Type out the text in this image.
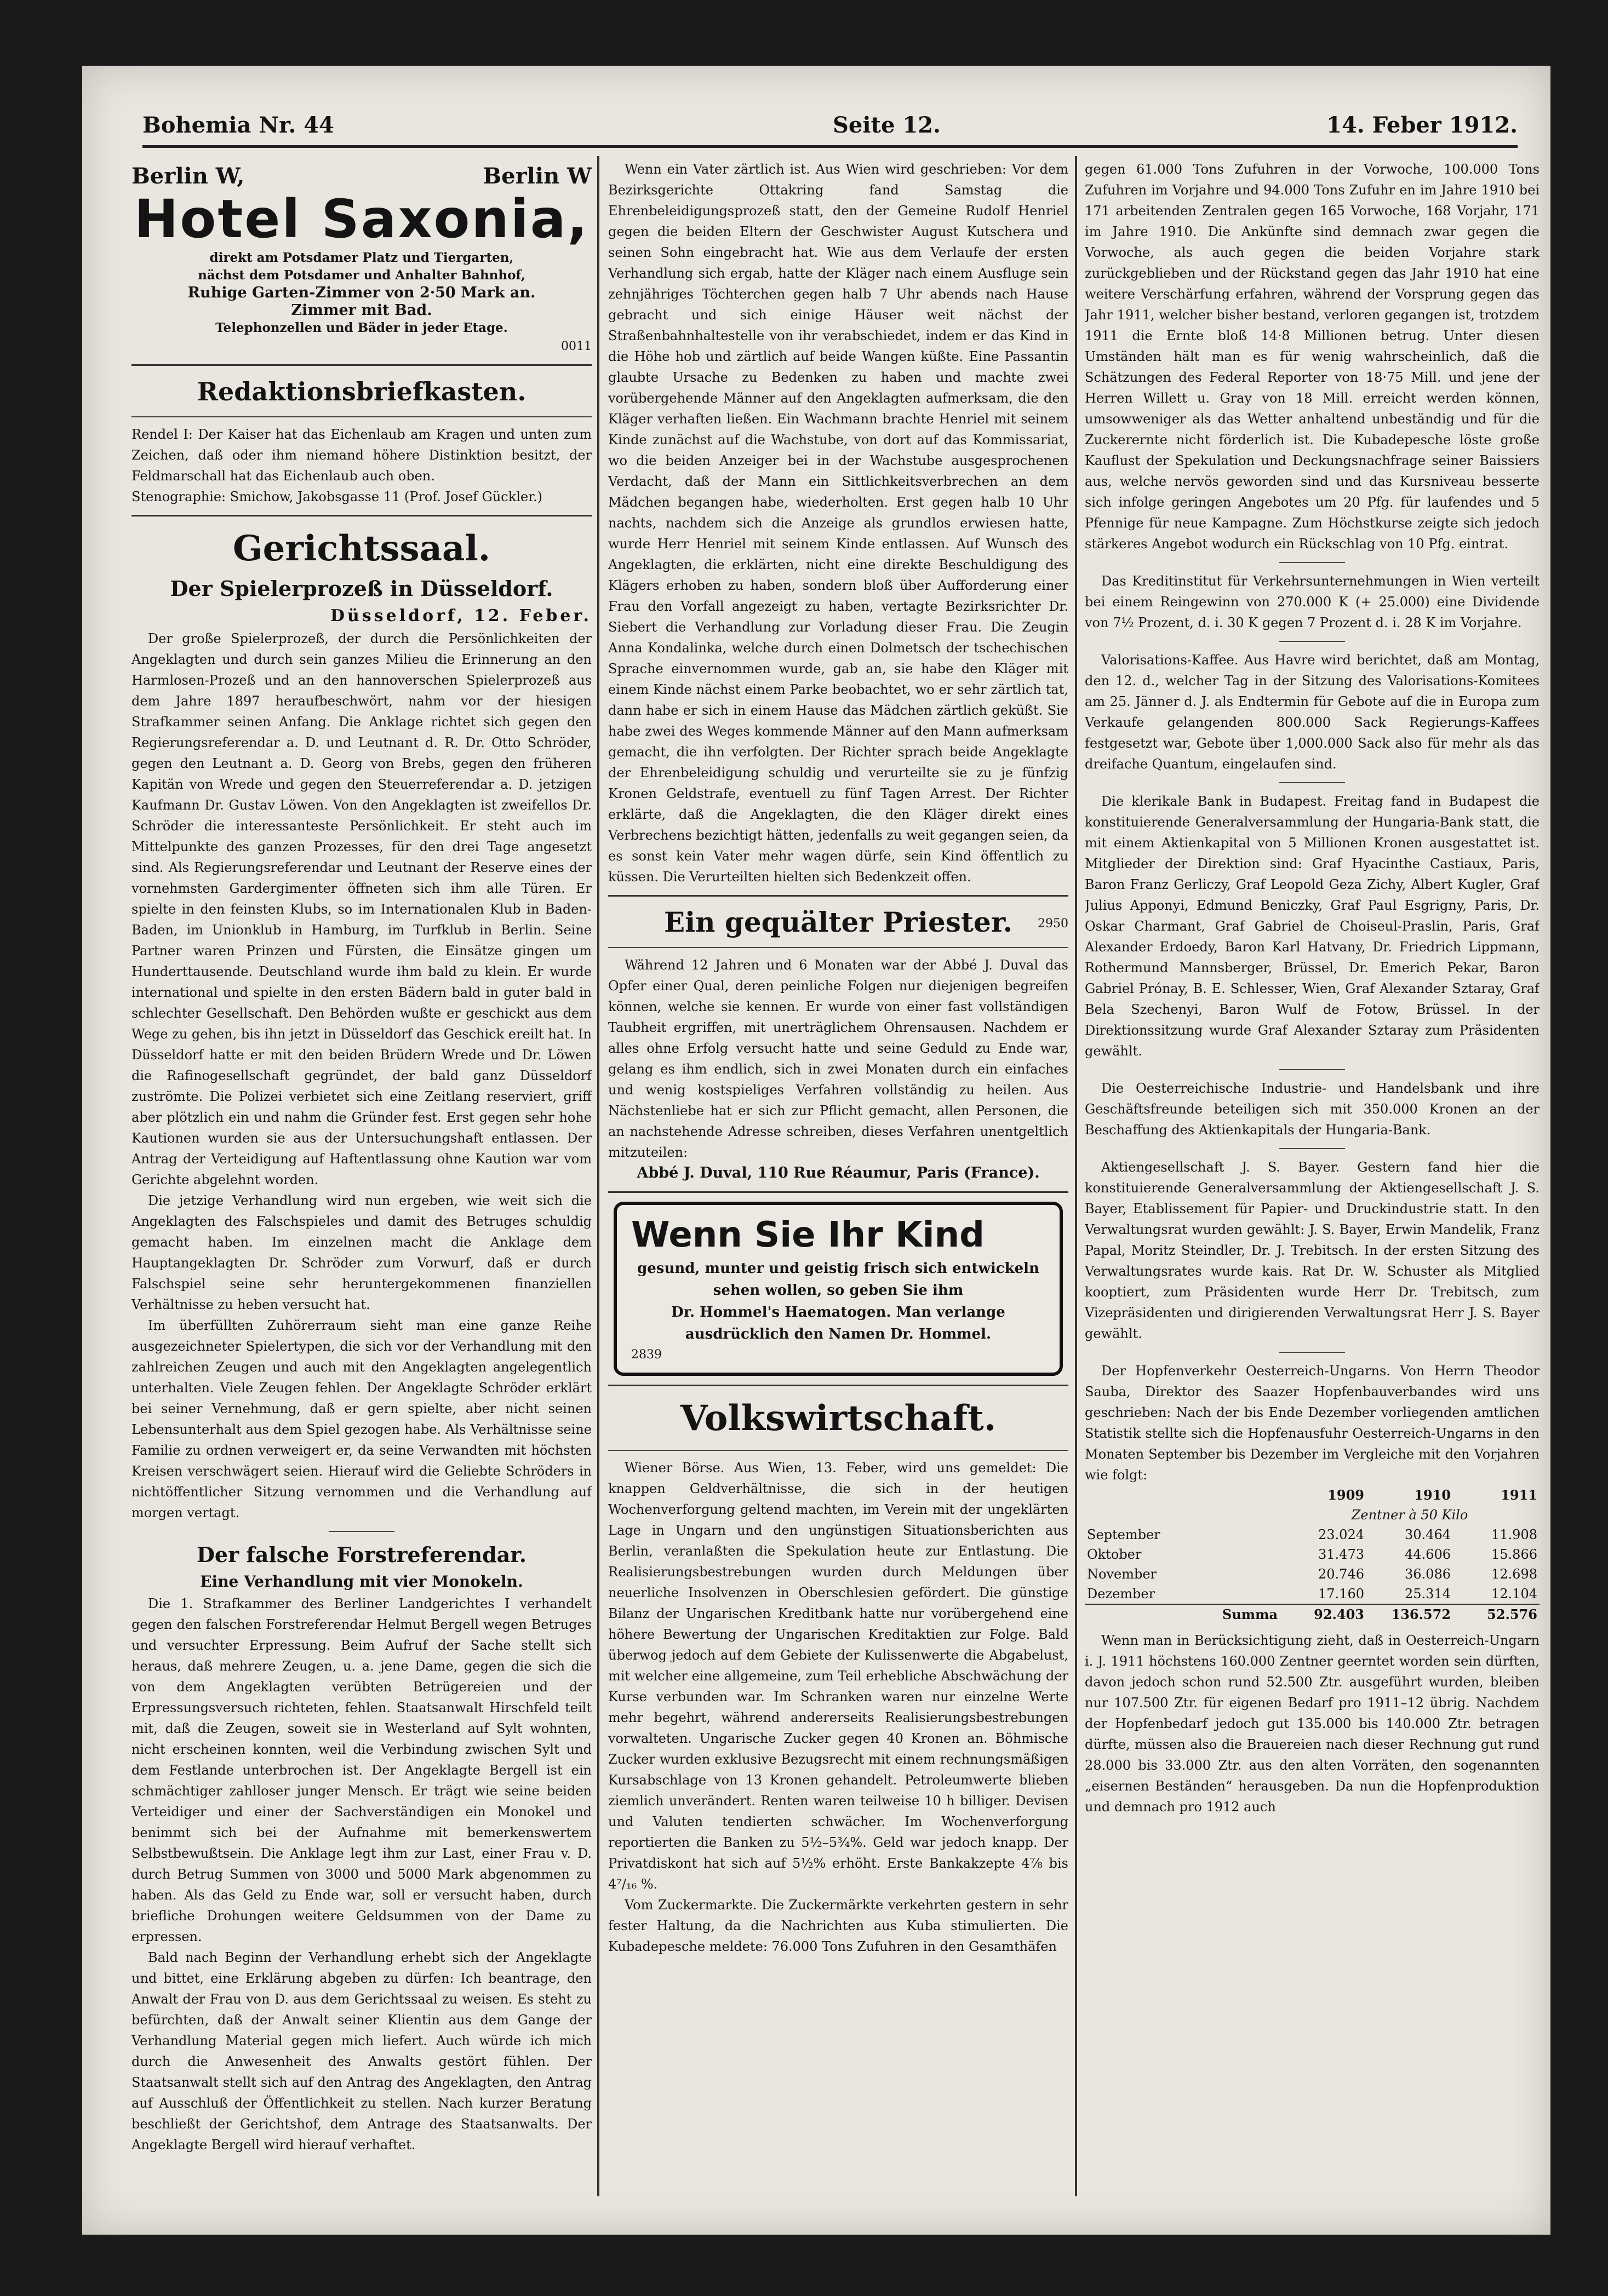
Bohemia Nr. 44	Seite 12.	14. Feber 1912.
Berlin W,	Berlin W
Hotel Saxonia,
direkt am Potsdamer Platz und Tiergarten,
nächst dem Potsdamer und Anhalter Bahnhof,
Ruhige Garten-Zimmer von 2·50 Mark an.
Zimmer mit Bad.
Telephonzellen und Bäder in jeder Etage.
0011
Redaktionsbriefkasten.

Rendel I: Der Kaiser hat das Eichenlaub am Kragen und unten zum Zeichen, daß oder ihm niemand höhere Distinktion besitzt, der Feldmarschall hat das Eichenlaub auch oben.

Stenographie: Smichow, Jakobsgasse 11 (Prof. Josef Gückler.)

Gerichtssaal.
Der Spielerprozeß in Düsseldorf.
Düsseldorf, 12. Feber.

Der große Spielerprozeß, der durch die Persönlichkeiten der Angeklagten und durch sein ganzes Milieu die Erinnerung an den Harmlosen-Prozeß und an den hannoverschen Spielerprozeß aus dem Jahre 1897 heraufbeschwört, nahm vor der hiesigen Strafkammer seinen Anfang. Die Anklage richtet sich gegen den Regierungsreferendar a. D. und Leutnant d. R. Dr. Otto Schröder, gegen den Leutnant a. D. Georg von Brebs, gegen den früheren Kapitän von Wrede und gegen den Steuerreferendar a. D. jetzigen Kaufmann Dr. Gustav Löwen. Von den Angeklagten ist zweifellos Dr. Schröder die interessanteste Persönlichkeit. Er steht auch im Mittelpunkte des ganzen Prozesses, für den drei Tage angesetzt sind. Als Regierungsreferendar und Leutnant der Reserve eines der vornehmsten Gardergimenter öffneten sich ihm alle Türen. Er spielte in den feinsten Klubs, so im Internationalen Klub in Baden-Baden, im Unionklub in Hamburg, im Turfklub in Berlin. Seine Partner waren Prinzen und Fürsten, die Einsätze gingen um Hunderttausende. Deutschland wurde ihm bald zu klein. Er wurde international und spielte in den ersten Bädern bald in guter bald in schlechter Gesellschaft. Den Behörden wußte er geschickt aus dem Wege zu gehen, bis ihn jetzt in Düsseldorf das Geschick ereilt hat. In Düsseldorf hatte er mit den beiden Brüdern Wrede und Dr. Löwen die Rafinogesellschaft gegründet, der bald ganz Düsseldorf zuströmte. Die Polizei verbietet sich eine Zeitlang reserviert, griff aber plötzlich ein und nahm die Gründer fest. Erst gegen sehr hohe Kautionen wurden sie aus der Untersuchungshaft entlassen. Der Antrag der Verteidigung auf Haftentlassung ohne Kaution war vom Gerichte abgelehnt worden.

Die jetzige Verhandlung wird nun ergeben, wie weit sich die Angeklagten des Falschspieles und damit des Betruges schuldig gemacht haben. Im einzelnen macht die Anklage dem Hauptangeklagten Dr. Schröder zum Vorwurf, daß er durch Falschspiel seine sehr heruntergekommenen finanziellen Verhältnisse zu heben versucht hat.

Im überfüllten Zuhörerraum sieht man eine ganze Reihe ausgezeichneter Spielertypen, die sich vor der Verhandlung mit den zahlreichen Zeugen und auch mit den Angeklagten angelegentlich unterhalten. Viele Zeugen fehlen. Der Angeklagte Schröder erklärt bei seiner Vernehmung, daß er gern spielte, aber nicht seinen Lebensunterhalt aus dem Spiel gezogen habe. Als Verhältnisse seine Familie zu ordnen verweigert er, da seine Verwandten mit höchsten Kreisen verschwägert seien. Hierauf wird die Geliebte Schröders in nichtöffentlicher Sitzung vernommen und die Verhandlung auf morgen vertagt.

Der falsche Forstreferendar.
Eine Verhandlung mit vier Monokeln.

Die 1. Strafkammer des Berliner Landgerichtes I verhandelt gegen den falschen Forstreferendar Helmut Bergell wegen Betruges und versuchter Erpressung. Beim Aufruf der Sache stellt sich heraus, daß mehrere Zeugen, u. a. jene Dame, gegen die sich die von dem Angeklagten verübten Betrügereien und der Erpressungsversuch richteten, fehlen. Staatsanwalt Hirschfeld teilt mit, daß die Zeugen, soweit sie in Westerland auf Sylt wohnten, nicht erscheinen konnten, weil die Verbindung zwischen Sylt und dem Festlande unterbrochen ist. Der Angeklagte Bergell ist ein schmächtiger zahlloser junger Mensch. Er trägt wie seine beiden Verteidiger und einer der Sachverständigen ein Monokel und benimmt sich bei der Aufnahme mit bemerkenswertem Selbstbewußtsein. Die Anklage legt ihm zur Last, einer Frau v. D. durch Betrug Summen von 3000 und 5000 Mark abgenommen zu haben. Als das Geld zu Ende war, soll er versucht haben, durch briefliche Drohungen weitere Geldsummen von der Dame zu erpressen.

Bald nach Beginn der Verhandlung erhebt sich der Angeklagte und bittet, eine Erklärung abgeben zu dürfen: Ich beantrage, den Anwalt der Frau von D. aus dem Gerichtssaal zu weisen. Es steht zu befürchten, daß der Anwalt seiner Klientin aus dem Gange der Verhandlung Material gegen mich liefert. Auch würde ich mich durch die Anwesenheit des Anwalts gestört fühlen. Der Staatsanwalt stellt sich auf den Antrag des Angeklagten, den Antrag auf Ausschluß der Öffentlichkeit zu stellen. Nach kurzer Beratung beschließt der Gerichtshof, dem Antrage des Staatsanwalts. Der Angeklagte Bergell wird hierauf verhaftet.

Wenn ein Vater zärtlich ist. Aus Wien wird geschrieben: Vor dem Bezirksgerichte Ottakring fand Samstag die Ehrenbeleidigungsprozeß statt, den der Gemeine Rudolf Henriel gegen die beiden Eltern der Geschwister August Kutschera und seinen Sohn eingebracht hat. Wie aus dem Verlaufe der ersten Verhandlung sich ergab, hatte der Kläger nach einem Ausfluge sein zehnjähriges Töchterchen gegen halb 7 Uhr abends nach Hause gebracht und sich einige Häuser weit nächst der Straßenbahnhaltestelle von ihr verabschiedet, indem er das Kind in die Höhe hob und zärtlich auf beide Wangen küßte. Eine Passantin glaubte Ursache zu Bedenken zu haben und machte zwei vorübergehende Männer auf den Angeklagten aufmerksam, die den Kläger verhaften ließen. Ein Wachmann brachte Henriel mit seinem Kinde zunächst auf die Wachstube, von dort auf das Kommissariat, wo die beiden Anzeiger bei in der Wachstube ausgesprochenen Verdacht, daß der Mann ein Sittlichkeitsverbrechen an dem Mädchen begangen habe, wiederholten. Erst gegen halb 10 Uhr nachts, nachdem sich die Anzeige als grundlos erwiesen hatte, wurde Herr Henriel mit seinem Kinde entlassen. Auf Wunsch des Angeklagten, die erklärten, nicht eine direkte Beschuldigung des Klägers erhoben zu haben, sondern bloß über Aufforderung einer Frau den Vorfall angezeigt zu haben, vertagte Bezirksrichter Dr. Siebert die Verhandlung zur Vorladung dieser Frau. Die Zeugin Anna Kondalinka, welche durch einen Dolmetsch der tschechischen Sprache einvernommen wurde, gab an, sie habe den Kläger mit einem Kinde nächst einem Parke beobachtet, wo er sehr zärtlich tat, dann habe er sich in einem Hause das Mädchen zärtlich geküßt. Sie habe zwei des Weges kommende Männer auf den Mann aufmerksam gemacht, die ihn verfolgten. Der Richter sprach beide Angeklagte der Ehrenbeleidigung schuldig und verurteilte sie zu je fünfzig Kronen Geldstrafe, eventuell zu fünf Tagen Arrest. Der Richter erklärte, daß die Angeklagten, die den Kläger direkt eines Verbrechens bezichtigt hätten, jedenfalls zu weit gegangen seien, da es sonst kein Vater mehr wagen dürfe, sein Kind öffentlich zu küssen. Die Verurteilten hielten sich Bedenkzeit offen.

Ein gequälter Priester.	2950

Während 12 Jahren und 6 Monaten war der Abbé J. Duval das Opfer einer Qual, deren peinliche Folgen nur diejenigen begreifen können, welche sie kennen. Er wurde von einer fast vollständigen Taubheit ergriffen, mit unerträglichem Ohrensausen. Nachdem er alles ohne Erfolg versucht hatte und seine Geduld zu Ende war, gelang es ihm endlich, sich in zwei Monaten durch ein einfaches und wenig kostspieliges Verfahren vollständig zu heilen. Aus Nächstenliebe hat er sich zur Pflicht gemacht, allen Personen, die an nachstehende Adresse schreiben, dieses Verfahren unentgeltlich mitzuteilen:

Abbé J. Duval, 110 Rue Réaumur, Paris (France).

Wenn Sie Ihr Kind
gesund, munter und geistig frisch sich entwickeln sehen wollen, so geben Sie ihm
Dr. Hommel's Haematogen. Man verlange ausdrücklich den Namen Dr. Hommel.
2839
Volkswirtschaft.

Wiener Börse. Aus Wien, 13. Feber, wird uns gemeldet: Die knappen Geldverhältnisse, die sich in der heutigen Wochenverforgung geltend machten, im Verein mit der ungeklärten Lage in Ungarn und den ungünstigen Situationsberichten aus Berlin, veranlaßten die Spekulation heute zur Entlastung. Die Realisierungsbestrebungen wurden durch Meldungen über neuerliche Insolvenzen in Oberschlesien gefördert. Die günstige Bilanz der Ungarischen Kreditbank hatte nur vorübergehend eine höhere Bewertung der Ungarischen Kreditaktien zur Folge. Bald überwog jedoch auf dem Gebiete der Kulissenwerte die Abgabelust, mit welcher eine allgemeine, zum Teil erhebliche Abschwächung der Kurse verbunden war. Im Schranken waren nur einzelne Werte mehr begehrt, während andererseits Realisierungsbestrebungen vorwalteten. Ungarische Zucker gegen 40 Kronen an. Böhmische Zucker wurden exklusive Bezugsrecht mit einem rechnungsmäßigen Kursabschlage von 13 Kronen gehandelt. Petroleumwerte blieben ziemlich unverändert. Renten waren teilweise 10 h billiger. Devisen und Valuten tendierten schwächer. Im Wochenverforgung reportierten die Banken zu 5½–5¾%. Geld war jedoch knapp. Der Privatdiskont hat sich auf 5½% erhöht. Erste Bankakzepte 4⅞ bis 4⁷/₁₆ %.

Vom Zuckermarkte. Die Zuckermärkte verkehrten gestern in sehr fester Haltung, da die Nachrichten aus Kuba stimulierten. Die Kubadepesche meldete: 76.000 Tons Zufuhren in den Gesamthäfen

gegen 61.000 Tons Zufuhren in der Vorwoche, 100.000 Tons Zufuhren im Vorjahre und 94.000 Tons Zufuhr en im Jahre 1910 bei 171 arbeitenden Zentralen gegen 165 Vorwoche, 168 Vorjahr, 171 im Jahre 1910. Die Ankünfte sind demnach zwar gegen die Vorwoche, als auch gegen die beiden Vorjahre stark zurückgeblieben und der Rückstand gegen das Jahr 1910 hat eine weitere Verschärfung erfahren, während der Vorsprung gegen das Jahr 1911, welcher bisher bestand, verloren gegangen ist, trotzdem 1911 die Ernte bloß 14·8 Millionen betrug. Unter diesen Umständen hält man es für wenig wahrscheinlich, daß die Schätzungen des Federal Reporter von 18·75 Mill. und jene der Herren Willett u. Gray von 18 Mill. erreicht werden können, umsowweniger als das Wetter anhaltend unbeständig und für die Zuckerernte nicht förderlich ist. Die Kubadepesche löste große Kauflust der Spekulation und Deckungsnachfrage seiner Baissiers aus, welche nervös geworden sind und das Kursniveau besserte sich infolge geringen Angebotes um 20 Pfg. für laufendes und 5 Pfennige für neue Kampagne. Zum Höchstkurse zeigte sich jedoch stärkeres Angebot wodurch ein Rückschlag von 10 Pfg. eintrat.

Das Kreditinstitut für Verkehrsunternehmungen in Wien verteilt bei einem Reingewinn von 270.000 K (+ 25.000) eine Dividende von 7½ Prozent, d. i. 30 K gegen 7 Prozent d. i. 28 K im Vorjahre.

Valorisations-Kaffee. Aus Havre wird berichtet, daß am Montag, den 12. d., welcher Tag in der Sitzung des Valorisations-Komitees am 25. Jänner d. J. als Endtermin für Gebote auf die in Europa zum Verkaufe gelangenden 800.000 Sack Regierungs-Kaffees festgesetzt war, Gebote über 1,000.000 Sack also für mehr als das dreifache Quantum, eingelaufen sind.

Die klerikale Bank in Budapest. Freitag fand in Budapest die konstituierende Generalversammlung der Hungaria-Bank statt, die mit einem Aktienkapital von 5 Millionen Kronen ausgestattet ist. Mitglieder der Direktion sind: Graf Hyacinthe Castiaux, Paris, Baron Franz Gerliczy, Graf Leopold Geza Zichy, Albert Kugler, Graf Julius Apponyi, Edmund Beniczky, Graf Paul Esgrigny, Paris, Dr. Oskar Charmant, Graf Gabriel de Choiseul-Praslin, Paris, Graf Alexander Erdoedy, Baron Karl Hatvany, Dr. Friedrich Lippmann, Rothermund Mannsberger, Brüssel, Dr. Emerich Pekar, Baron Gabriel Prónay, B. E. Schlesser, Wien, Graf Alexander Sztaray, Graf Bela Szechenyi, Baron Wulf de Fotow, Brüssel. In der Direktionssitzung wurde Graf Alexander Sztaray zum Präsidenten gewählt.

Die Oesterreichische Industrie- und Handelsbank und ihre Geschäftsfreunde beteiligen sich mit 350.000 Kronen an der Beschaffung des Aktienkapitals der Hungaria-Bank.

Aktiengesellschaft J. S. Bayer. Gestern fand hier die konstituierende Generalversammlung der Aktiengesellschaft J. S. Bayer, Etablissement für Papier- und Druckindustrie statt. In den Verwaltungsrat wurden gewählt: J. S. Bayer, Erwin Mandelik, Franz Papal, Moritz Steindler, Dr. J. Trebitsch. In der ersten Sitzung des Verwaltungsrates wurde kais. Rat Dr. W. Schuster als Mitglied kooptiert, zum Präsidenten wurde Herr Dr. Trebitsch, zum Vizepräsidenten und dirigierenden Verwaltungsrat Herr J. S. Bayer gewählt.

Der Hopfenverkehr Oesterreich-Ungarns. Von Herrn Theodor Sauba, Direktor des Saazer Hopfenbauverbandes wird uns geschrieben: Nach der bis Ende Dezember vorliegenden amtlichen Statistik stellte sich die Hopfenausfuhr Oesterreich-Ungarns in den Monaten September bis Dezember im Vergleiche mit den Vorjahren wie folgt:

	1909	1910	1911
	Zentner à 50 Kilo		
September	23.024	30.464	11.908
Oktober	31.473	44.606	15.866
November	20.746	36.086	12.698
Dezember	17.160	25.314	12.104
Summa	92.403	136.572	52.576

Wenn man in Berücksichtigung zieht, daß in Oesterreich-Ungarn i. J. 1911 höchstens 160.000 Zentner geerntet worden sein dürften, davon jedoch schon rund 52.500 Ztr. ausgeführt wurden, bleiben nur 107.500 Ztr. für eigenen Bedarf pro 1911–12 übrig. Nachdem der Hopfenbedarf jedoch gut 135.000 bis 140.000 Ztr. betragen dürfte, müssen also die Brauereien nach dieser Rechnung gut rund 28.000 bis 33.000 Ztr. aus den alten Vorräten, den sogenannten „eisernen Beständen“ herausgeben. Da nun die Hopfenproduktion und demnach pro 1912 auch
